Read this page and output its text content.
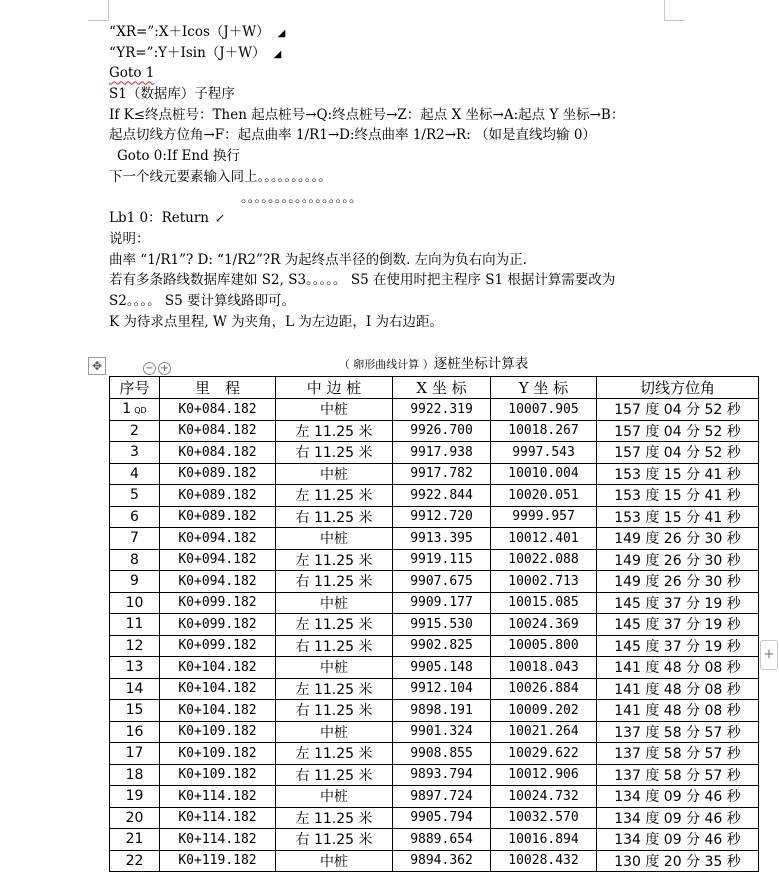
“XR=”:X＋Icos（J＋W） ◢
“YR=”:Y＋Isin（J＋W） ◢
Goto 1
S1（数据库）子程序
If K≤终点桩号：Then 起点桩号→Q:终点桩号→Z：起点 X 坐标→A:起点 Y 坐标→B：
起点切线方位角→F：起点曲率 1/R1→D:终点曲率 1/R2→R: （如是直线均输 0）
Goto 0:If End 换行
下一个线元要素输入同上。。。。。。。。。。
。。。。。。。。。。。。。。。。。
Lb1 0：Return ↙
说明：
曲率 “1/R1”? D: “1/R2”?R 为起终点半径的倒数. 左向为负右向为正.
若有多条路线数据库建如 S2, S3。。。。。 S5 在使用时把主程序 S1 根据计算需要改为
S2。。。。 S5 要计算线路即可。
K 为待求点里程, W 为夹角，L 为左边距，I 为右边距。
✥	− +	（ 卵形曲线计算 ）逐桩坐标计算表
+
序号	里　程	中 边 桩	X 坐 标	Y 坐 标	切线方位角
1 QD	K0+084.182	中桩	9922.319	10007.905	157 度 04 分 52 秒
2	K0+084.182	左 11.25 米	9926.700	10018.267	157 度 04 分 52 秒
3	K0+084.182	右 11.25 米	9917.938	9997.543	157 度 04 分 52 秒
4	K0+089.182	中桩	9917.782	10010.004	153 度 15 分 41 秒
5	K0+089.182	左 11.25 米	9922.844	10020.051	153 度 15 分 41 秒
6	K0+089.182	右 11.25 米	9912.720	9999.957	153 度 15 分 41 秒
7	K0+094.182	中桩	9913.395	10012.401	149 度 26 分 30 秒
8	K0+094.182	左 11.25 米	9919.115	10022.088	149 度 26 分 30 秒
9	K0+094.182	右 11.25 米	9907.675	10002.713	149 度 26 分 30 秒
10	K0+099.182	中桩	9909.177	10015.085	145 度 37 分 19 秒
11	K0+099.182	左 11.25 米	9915.530	10024.369	145 度 37 分 19 秒
12	K0+099.182	右 11.25 米	9902.825	10005.800	145 度 37 分 19 秒
13	K0+104.182	中桩	9905.148	10018.043	141 度 48 分 08 秒
14	K0+104.182	左 11.25 米	9912.104	10026.884	141 度 48 分 08 秒
15	K0+104.182	右 11.25 米	9898.191	10009.202	141 度 48 分 08 秒
16	K0+109.182	中桩	9901.324	10021.264	137 度 58 分 57 秒
17	K0+109.182	左 11.25 米	9908.855	10029.622	137 度 58 分 57 秒
18	K0+109.182	右 11.25 米	9893.794	10012.906	137 度 58 分 57 秒
19	K0+114.182	中桩	9897.724	10024.732	134 度 09 分 46 秒
20	K0+114.182	左 11.25 米	9905.794	10032.570	134 度 09 分 46 秒
21	K0+114.182	右 11.25 米	9889.654	10016.894	134 度 09 分 46 秒
22	K0+119.182	中桩	9894.362	10028.432	130 度 20 分 35 秒
